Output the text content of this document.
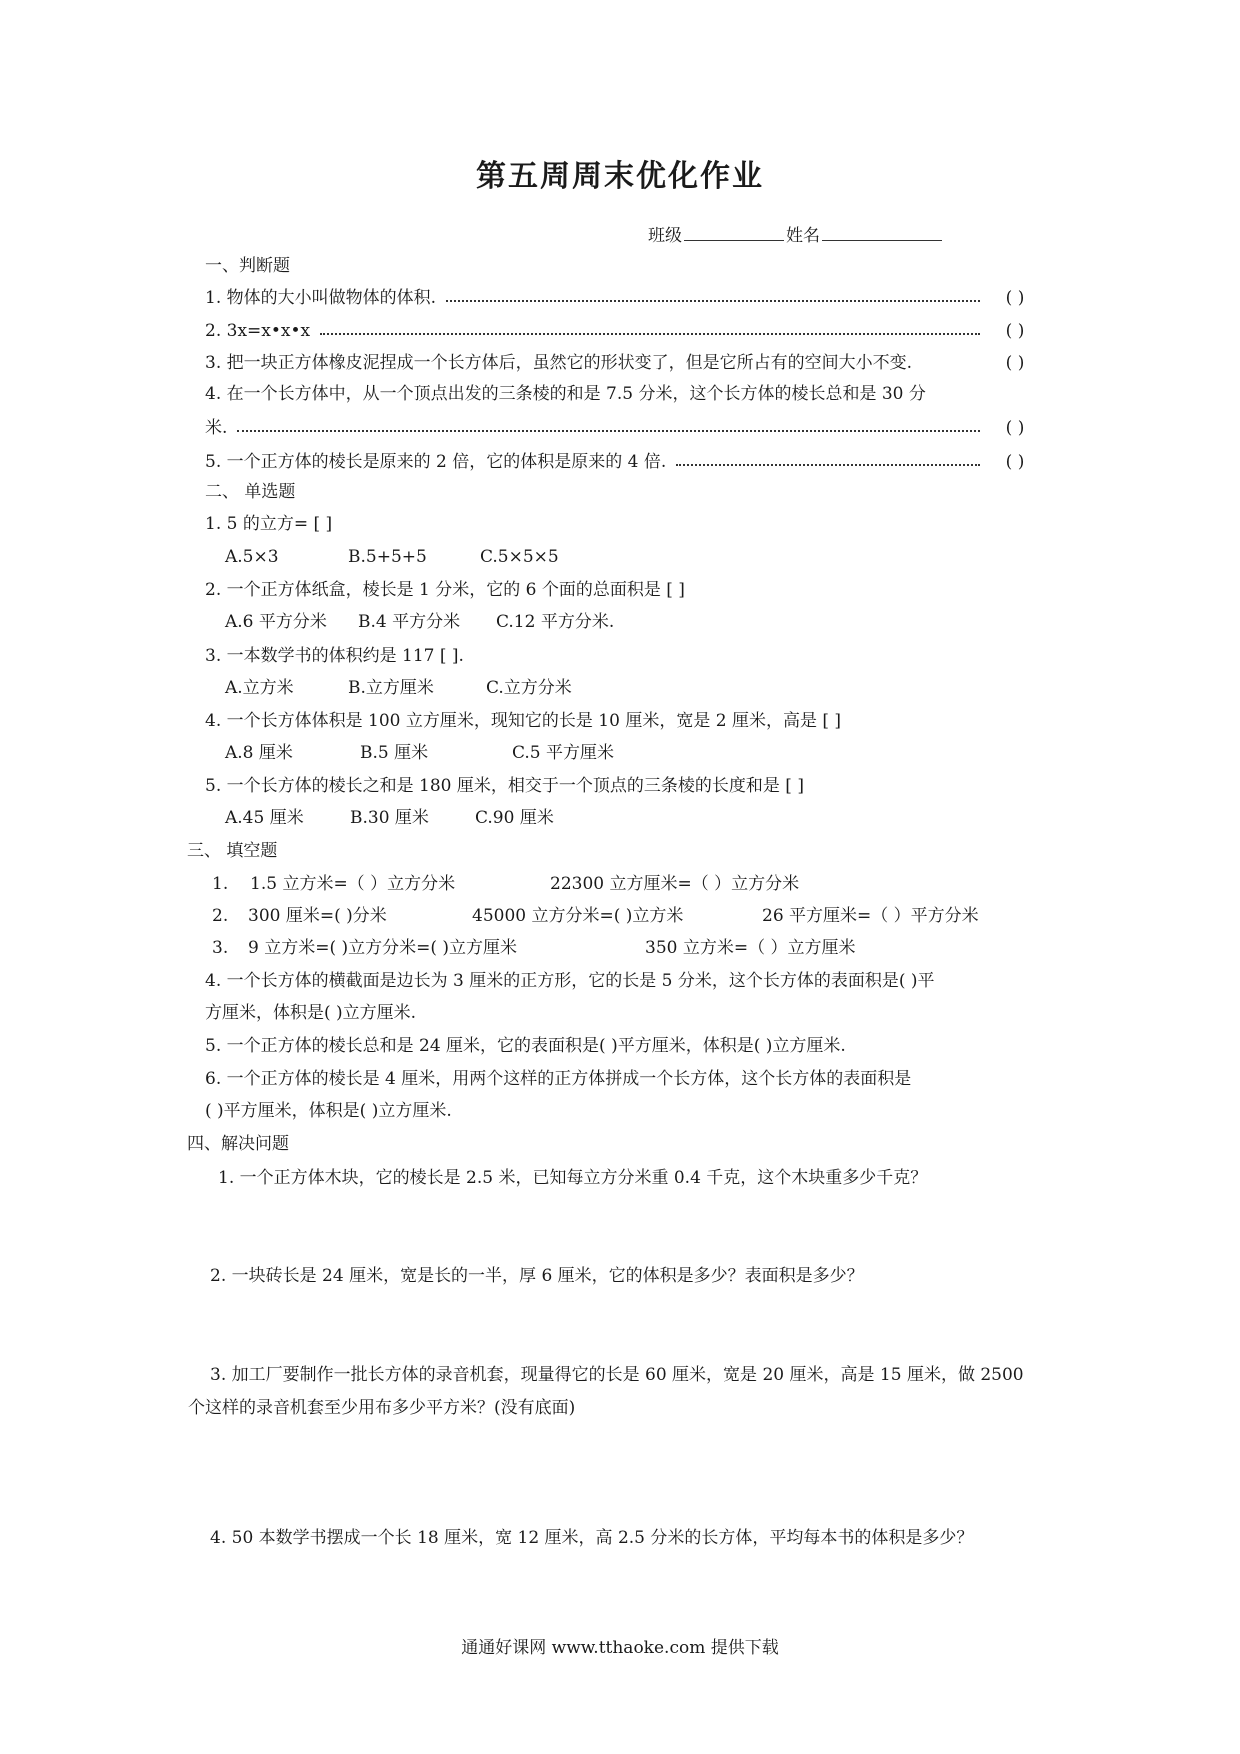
第五周周末优化作业
班级	姓名
一、判断题
1. 物体的大小叫做物体的体积.	( )
2. 3x=x•x•x	( )
3. 把一块正方体橡皮泥捏成一个长方体后，虽然它的形状变了，但是它所占有的空间大小不变.	( )
4. 在一个长方体中，从一个顶点出发的三条棱的和是 7.5 分米，这个长方体的棱长总和是 30 分
米.	( )
5. 一个正方体的棱长是原来的 2 倍，它的体积是原来的 4 倍.	( )
二、 单选题
1. 5 的立方= [ ]
A.5×3	B.5+5+5	C.5×5×5
2. 一个正方体纸盒，棱长是 1 分米，它的 6 个面的总面积是 [ ]
A.6 平方分米 B.4 平方分米 C.12 平方分米.
3. 一本数学书的体积约是 117 [ ].
A.立方米	B.立方厘米	C.立方分米
4. 一个长方体体积是 100 立方厘米，现知它的长是 10 厘米，宽是 2 厘米，高是 [ ]
A.8 厘米	B.5 厘米	C.5 平方厘米
5. 一个长方体的棱长之和是 180 厘米，相交于一个顶点的三条棱的长度和是 [ ]
A.45 厘米	B.30 厘米	C.90 厘米
三、 填空题
1. 1.5 立方米=（ ）立方分米	22300 立方厘米=（ ）立方分米
2. 300 厘米=( )分米	45000 立方分米=( )立方米	26 平方厘米=（ ）平方分米
3. 9 立方米=( )立方分米=( )立方厘米	350 立方米=（ ）立方厘米
4. 一个长方体的横截面是边长为 3 厘米的正方形，它的长是 5 分米，这个长方体的表面积是( )平
方厘米，体积是( )立方厘米.
5. 一个正方体的棱长总和是 24 厘米，它的表面积是( )平方厘米，体积是( )立方厘米.
6. 一个正方体的棱长是 4 厘米，用两个这样的正方体拼成一个长方体，这个长方体的表面积是
( )平方厘米，体积是( )立方厘米.
四、解决问题
1. 一个正方体木块，它的棱长是 2.5 米，已知每立方分米重 0.4 千克，这个木块重多少千克？
2. 一块砖长是 24 厘米，宽是长的一半，厚 6 厘米，它的体积是多少？表面积是多少？
3. 加工厂要制作一批长方体的录音机套，现量得它的长是 60 厘米，宽是 20 厘米，高是 15 厘米，做 2500
个这样的录音机套至少用布多少平方米？(没有底面)
4. 50 本数学书摆成一个长 18 厘米，宽 12 厘米，高 2.5 分米的长方体，平均每本书的体积是多少？
通通好课网 www.tthaoke.com 提供下载
